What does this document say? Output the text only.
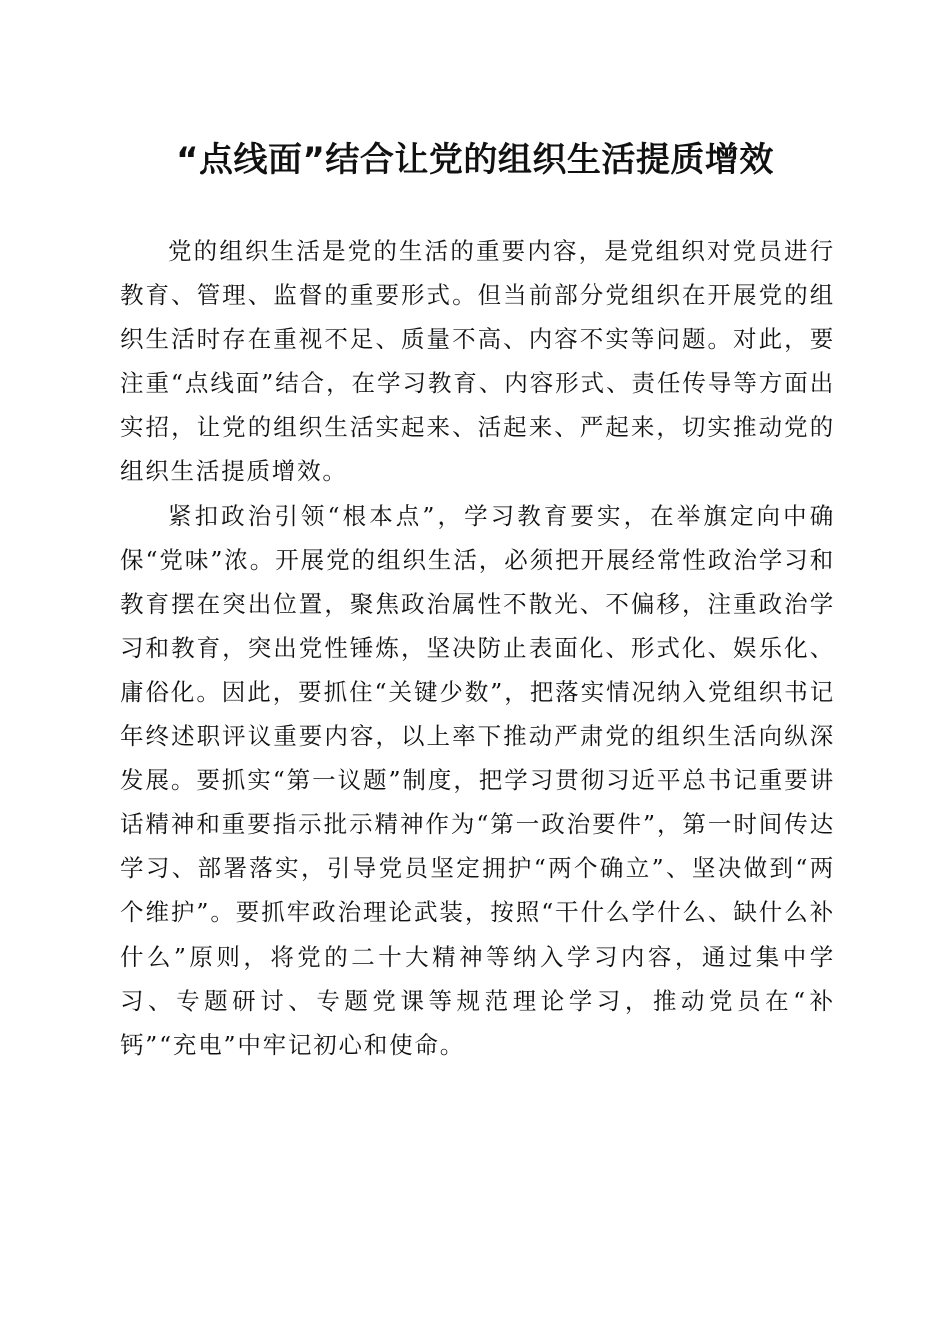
“点线面”结合让党的组织生活提质增效

党的组织生活是党的生活的重要内容，是党组织对党员进行教育、管理、监督的重要形式。但当前部分党组织在开展党的组织生活时存在重视不足、质量不高、内容不实等问题。对此，要注重“点线面”结合，在学习教育、内容形式、责任传导等方面出实招，让党的组织生活实起来、活起来、严起来，切实推动党的组织生活提质增效。

紧扣政治引领“根本点”，学习教育要实，在举旗定向中确保“党味”浓。开展党的组织生活，必须把开展经常性政治学习和教育摆在突出位置，聚焦政治属性不散光、不偏移，注重政治学习和教育，突出党性锤炼，坚决防止表面化、形式化、娱乐化、庸俗化。因此，要抓住“关键少数”，把落实情况纳入党组织书记年终述职评议重要内容，以上率下推动严肃党的组织生活向纵深发展。要抓实“第一议题”制度，把学习贯彻习近平总书记重要讲话精神和重要指示批示精神作为“第一政治要件”，第一时间传达学习、部署落实，引导党员坚定拥护“两个确立”、坚决做到“两个维护”。要抓牢政治理论武装，按照“干什么学什么、缺什么补什么”原则，将党的二十大精神等纳入学习内容，通过集中学习、专题研讨、专题党课等规范理论学习，推动党员在“补钙”“充电”中牢记初心和使命。
